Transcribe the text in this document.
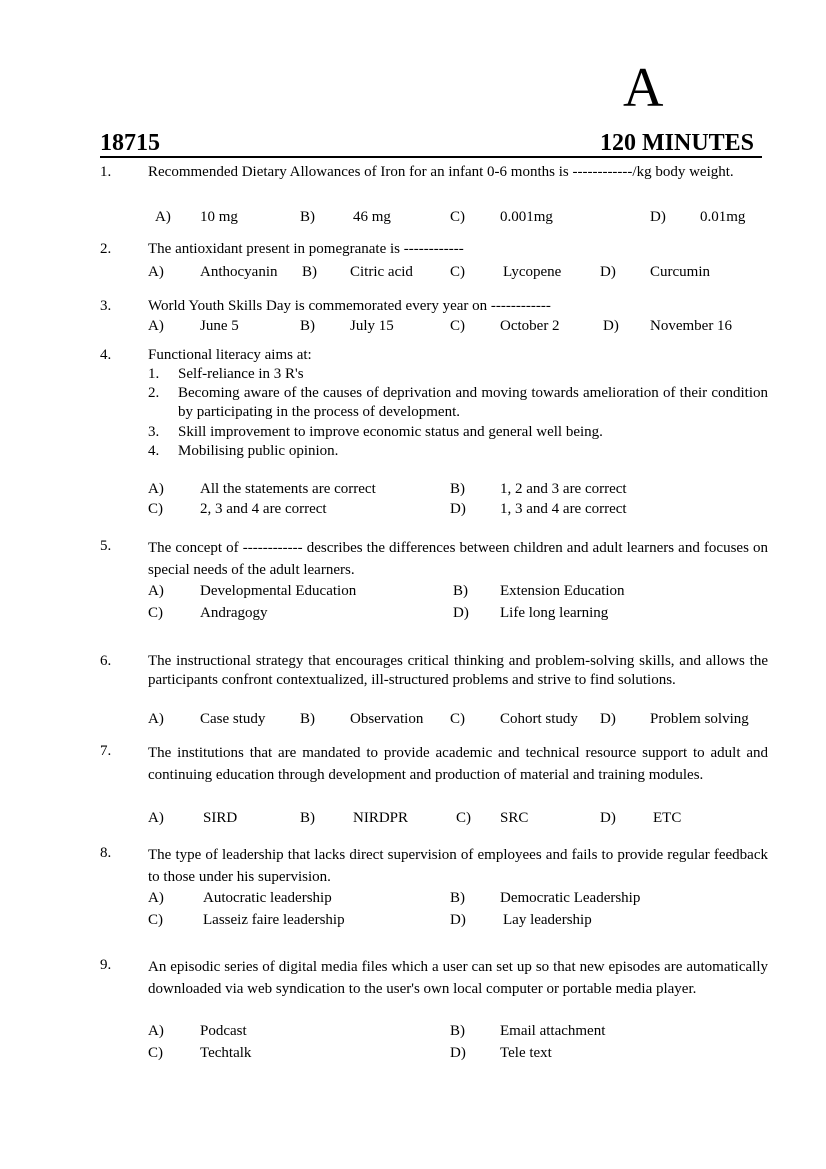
A
18715	120 MINUTES
1. Recommended Dietary Allowances of Iron for an infant 0-6 months is ------------/kg body weight.
A) 10 mg	B)	46 mg	C) 0.001mg	D) 0.01mg
2. The antioxidant present in pomegranate is ------------
A) Anthocyanin B) Citric acid C)	Lycopene	D) Curcumin
3. World Youth Skills Day is commemorated every year on ------------
A) June 5	B) July 15	C) October 2	D) November 16
4. Functional literacy aims at:
1. Self-reliance in 3 R's
2. Becoming aware of the causes of deprivation and moving towards amelioration of their condition by participating in the process of development.
3. Skill improvement to improve economic status and general well being.
4. Mobilising public opinion.
A) All the statements are correct	B) 1, 2 and 3 are correct
C) 2, 3 and 4 are correct	D) 1, 3 and 4 are correct
5. The concept of ------------ describes the differences between children and adult learners and focuses on special needs of the adult learners.
A) Developmental Education	B) Extension Education
C) Andragogy	D) Life long learning
6. The instructional strategy that encourages critical thinking and problem-solving skills, and allows the participants confront contextualized, ill-structured problems and strive to find solutions.
A) Case study B) Observation C) Cohort study D) Problem solving
7. The institutions that are mandated to provide academic and technical resource support to adult and continuing education through development and production of material and training modules.
A)	SIRD	B)	NIRDPR	C) SRC	D) ETC
8. The type of leadership that lacks direct supervision of employees and fails to provide regular feedback to those under his supervision.
A)	Autocratic leadership	B) Democratic Leadership
C)	Lasseiz faire leadership	D) Lay leadership
9. An episodic series of digital media files which a user can set up so that new episodes are automatically downloaded via web syndication to the user's own local computer or portable media player.
A) Podcast	B) Email attachment
C) Techtalk	D) Tele text
